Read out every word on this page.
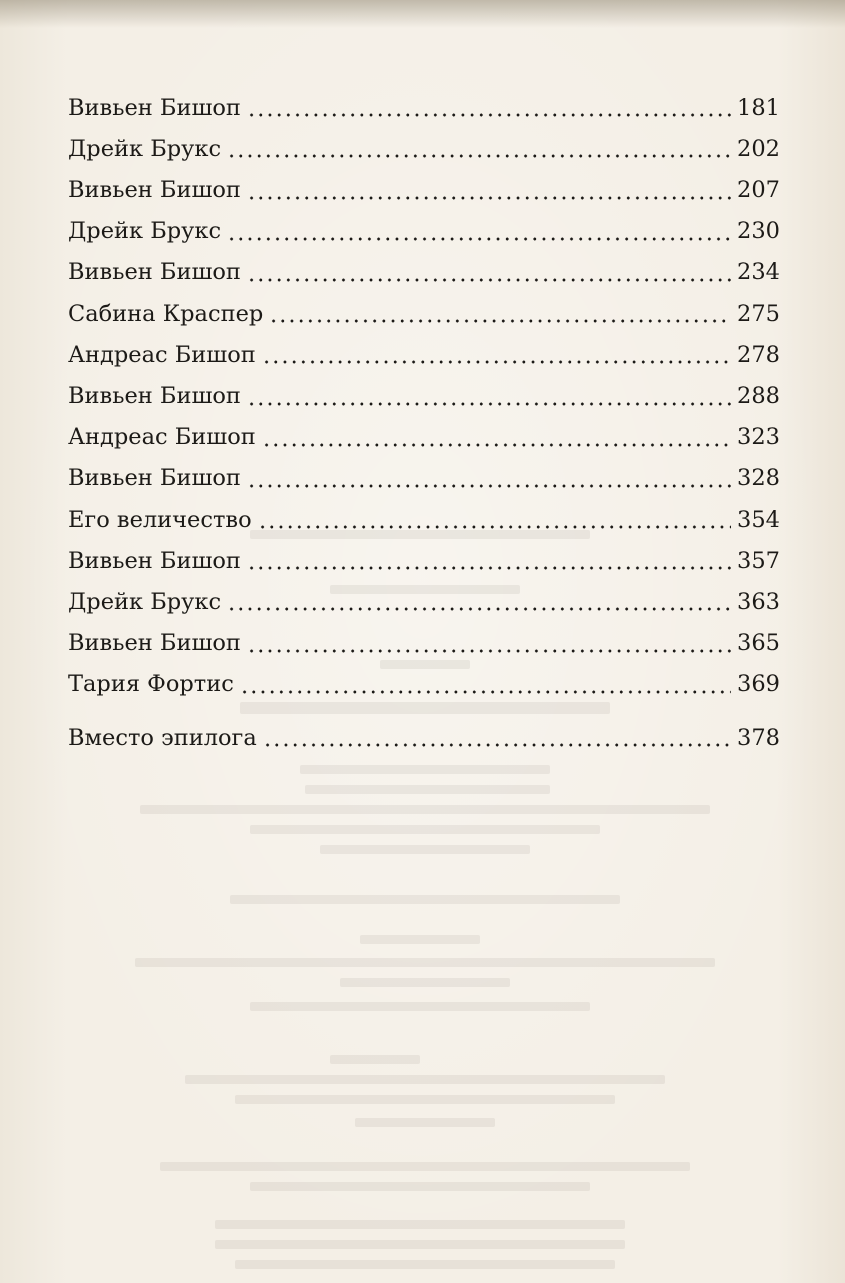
Вивьен Бишоп	181
Дрейк Брукс	202
Вивьен Бишоп	207
Дрейк Брукс	230
Вивьен Бишоп	234
Сабина Краспер	275
Андреас Бишоп	278
Вивьен Бишоп	288
Андреас Бишоп	323
Вивьен Бишоп	328
Его величество	354
Вивьен Бишоп	357
Дрейк Брукс	363
Вивьен Бишоп	365
Тария Фортис	369
Вместо эпилога	378
